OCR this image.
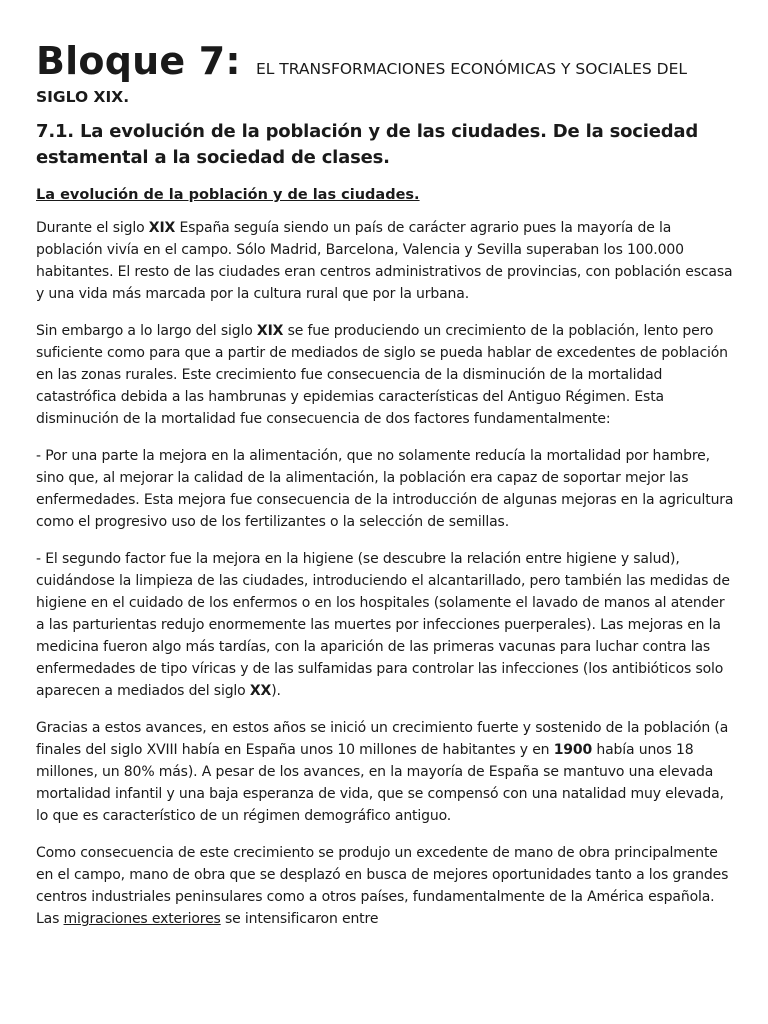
Bloque 7: EL TRANSFORMACIONES ECONÓMICAS Y SOCIALES DEL
SIGLO XIX.
7.1. La evolución de la población y de las ciudades. De la sociedad estamental a la sociedad de clases.
La evolución de la población y de las ciudades.

Durante el siglo XIX España seguía siendo un país de carácter agrario pues la mayoría de la población vivía en el campo. Sólo Madrid, Barcelona, Valencia y Sevilla superaban los 100.000 habitantes. El resto de las ciudades eran centros administrativos de provincias, con población escasa y una vida más marcada por la cultura rural que por la urbana.

Sin embargo a lo largo del siglo XIX se fue produciendo un crecimiento de la población, lento pero suficiente como para que a partir de mediados de siglo se pueda hablar de excedentes de población en las zonas rurales. Este crecimiento fue consecuencia de la disminución de la mortalidad catastrófica debida a las hambrunas y epidemias características del Antiguo Régimen. Esta disminución de la mortalidad fue consecuencia de dos factores fundamentalmente:

- Por una parte la mejora en la alimentación, que no solamente reducía la mortalidad por hambre, sino que, al mejorar la calidad de la alimentación, la población era capaz de soportar mejor las enfermedades. Esta mejora fue consecuencia de la introducción de algunas mejoras en la agricultura como el progresivo uso de los fertilizantes o la selección de semillas.

- El segundo factor fue la mejora en la higiene (se descubre la relación entre higiene y salud), cuidándose la limpieza de las ciudades, introduciendo el alcantarillado, pero también las medidas de higiene en el cuidado de los enfermos o en los hospitales (solamente el lavado de manos al atender a las parturientas redujo enormemente las muertes por infecciones puerperales). Las mejoras en la medicina fueron algo más tardías, con la aparición de las primeras vacunas para luchar contra las enfermedades de tipo víricas y de las sulfamidas para controlar las infecciones (los antibióticos solo aparecen a mediados del siglo XX).

Gracias a estos avances, en estos años se inició un crecimiento fuerte y sostenido de la población (a finales del siglo XVIII había en España unos 10 millones de habitantes y en 1900 había unos 18 millones, un 80% más). A pesar de los avances, en la mayoría de España se mantuvo una elevada mortalidad infantil y una baja esperanza de vida, que se compensó con una natalidad muy elevada, lo que es característico de un régimen demográfico antiguo.

Como consecuencia de este crecimiento se produjo un excedente de mano de obra principalmente en el campo, mano de obra que se desplazó en busca de mejores oportunidades tanto a los grandes centros industriales peninsulares como a otros países, fundamentalmente de la América española. Las migraciones exteriores se intensificaron entre
